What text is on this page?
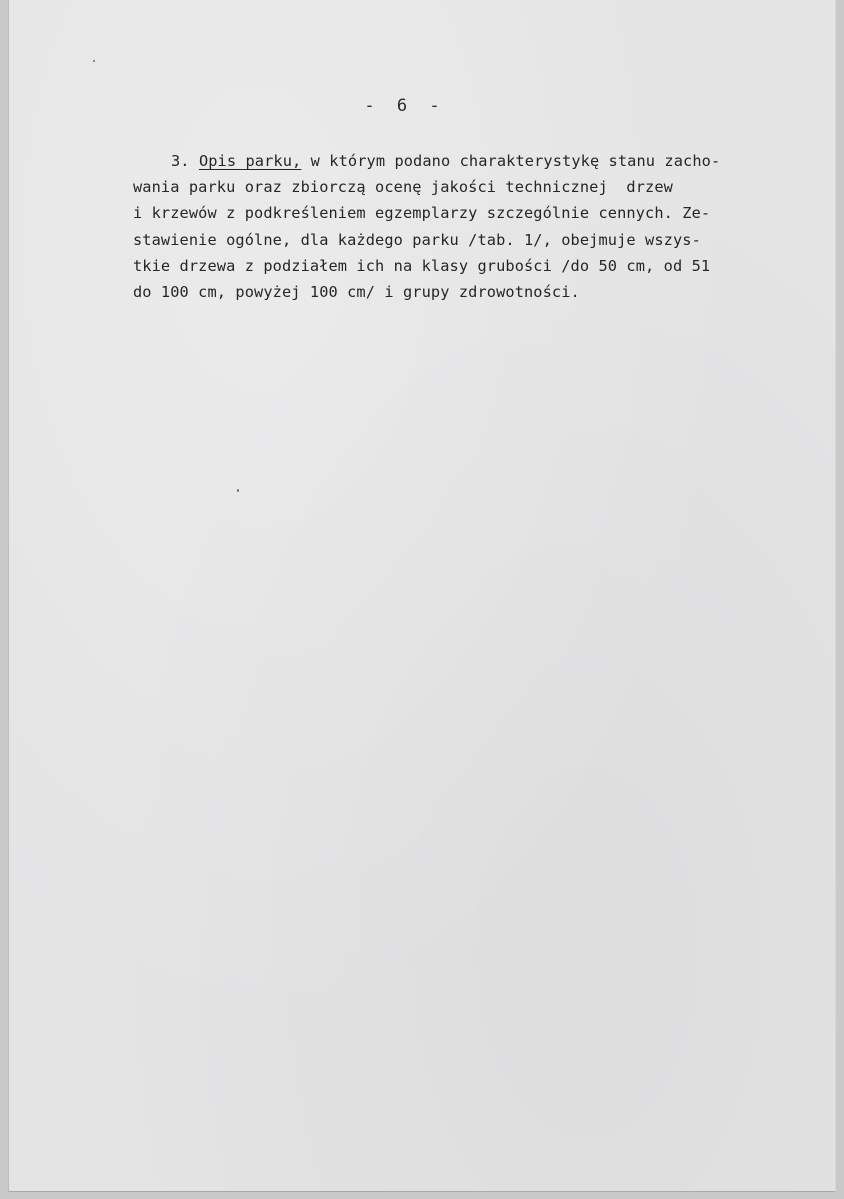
- 6 -
3. Opis parku, w którym podano charakterystykę stanu zacho-
wania parku oraz zbiorczą ocenę jakości technicznej  drzew
i krzewów z podkreśleniem egzemplarzy szczególnie cennych. Ze-
stawienie ogólne, dla każdego parku /tab. 1/, obejmuje wszys-
tkie drzewa z podziałem ich na klasy grubości /do 50 cm, od 51
do 100 cm, powyżej 100 cm/ i grupy zdrowotności.
